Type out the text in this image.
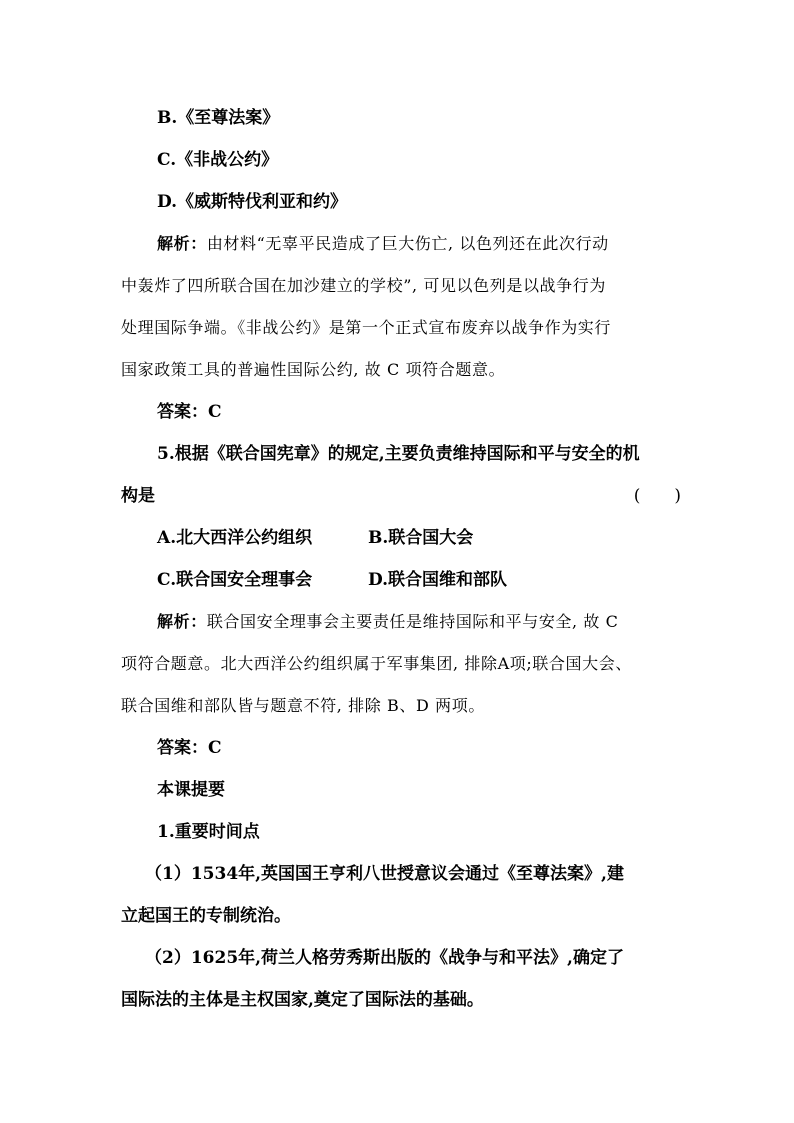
B.《至尊法案》
C.《非战公约》
D.《威斯特伐利亚和约》
解析：由材料“无辜平民造成了巨大伤亡, 以色列还在此次行动
中轰炸了四所联合国在加沙建立的学校”, 可见以色列是以战争行为
处理国际争端。《非战公约》是第一个正式宣布废弃以战争作为实行
国家政策工具的普遍性国际公约, 故 C 项符合题意。
答案：C
5.根据《联合国宪章》的规定,主要负责维持国际和平与安全的机
构是	(　　)
A.北大西洋公约组织	B.联合国大会
C.联合国安全理事会	D.联合国维和部队
解析：联合国安全理事会主要责任是维持国际和平与安全, 故 C
项符合题意。北大西洋公约组织属于军事集团, 排除A项;联合国大会、
联合国维和部队皆与题意不符, 排除 B、D 两项。
答案：C
本课提要
1.重要时间点
（1）1534年,英国国王亨利八世授意议会通过《至尊法案》,建
立起国王的专制统治。
（2）1625年,荷兰人格劳秀斯出版的《战争与和平法》,确定了
国际法的主体是主权国家,奠定了国际法的基础。
